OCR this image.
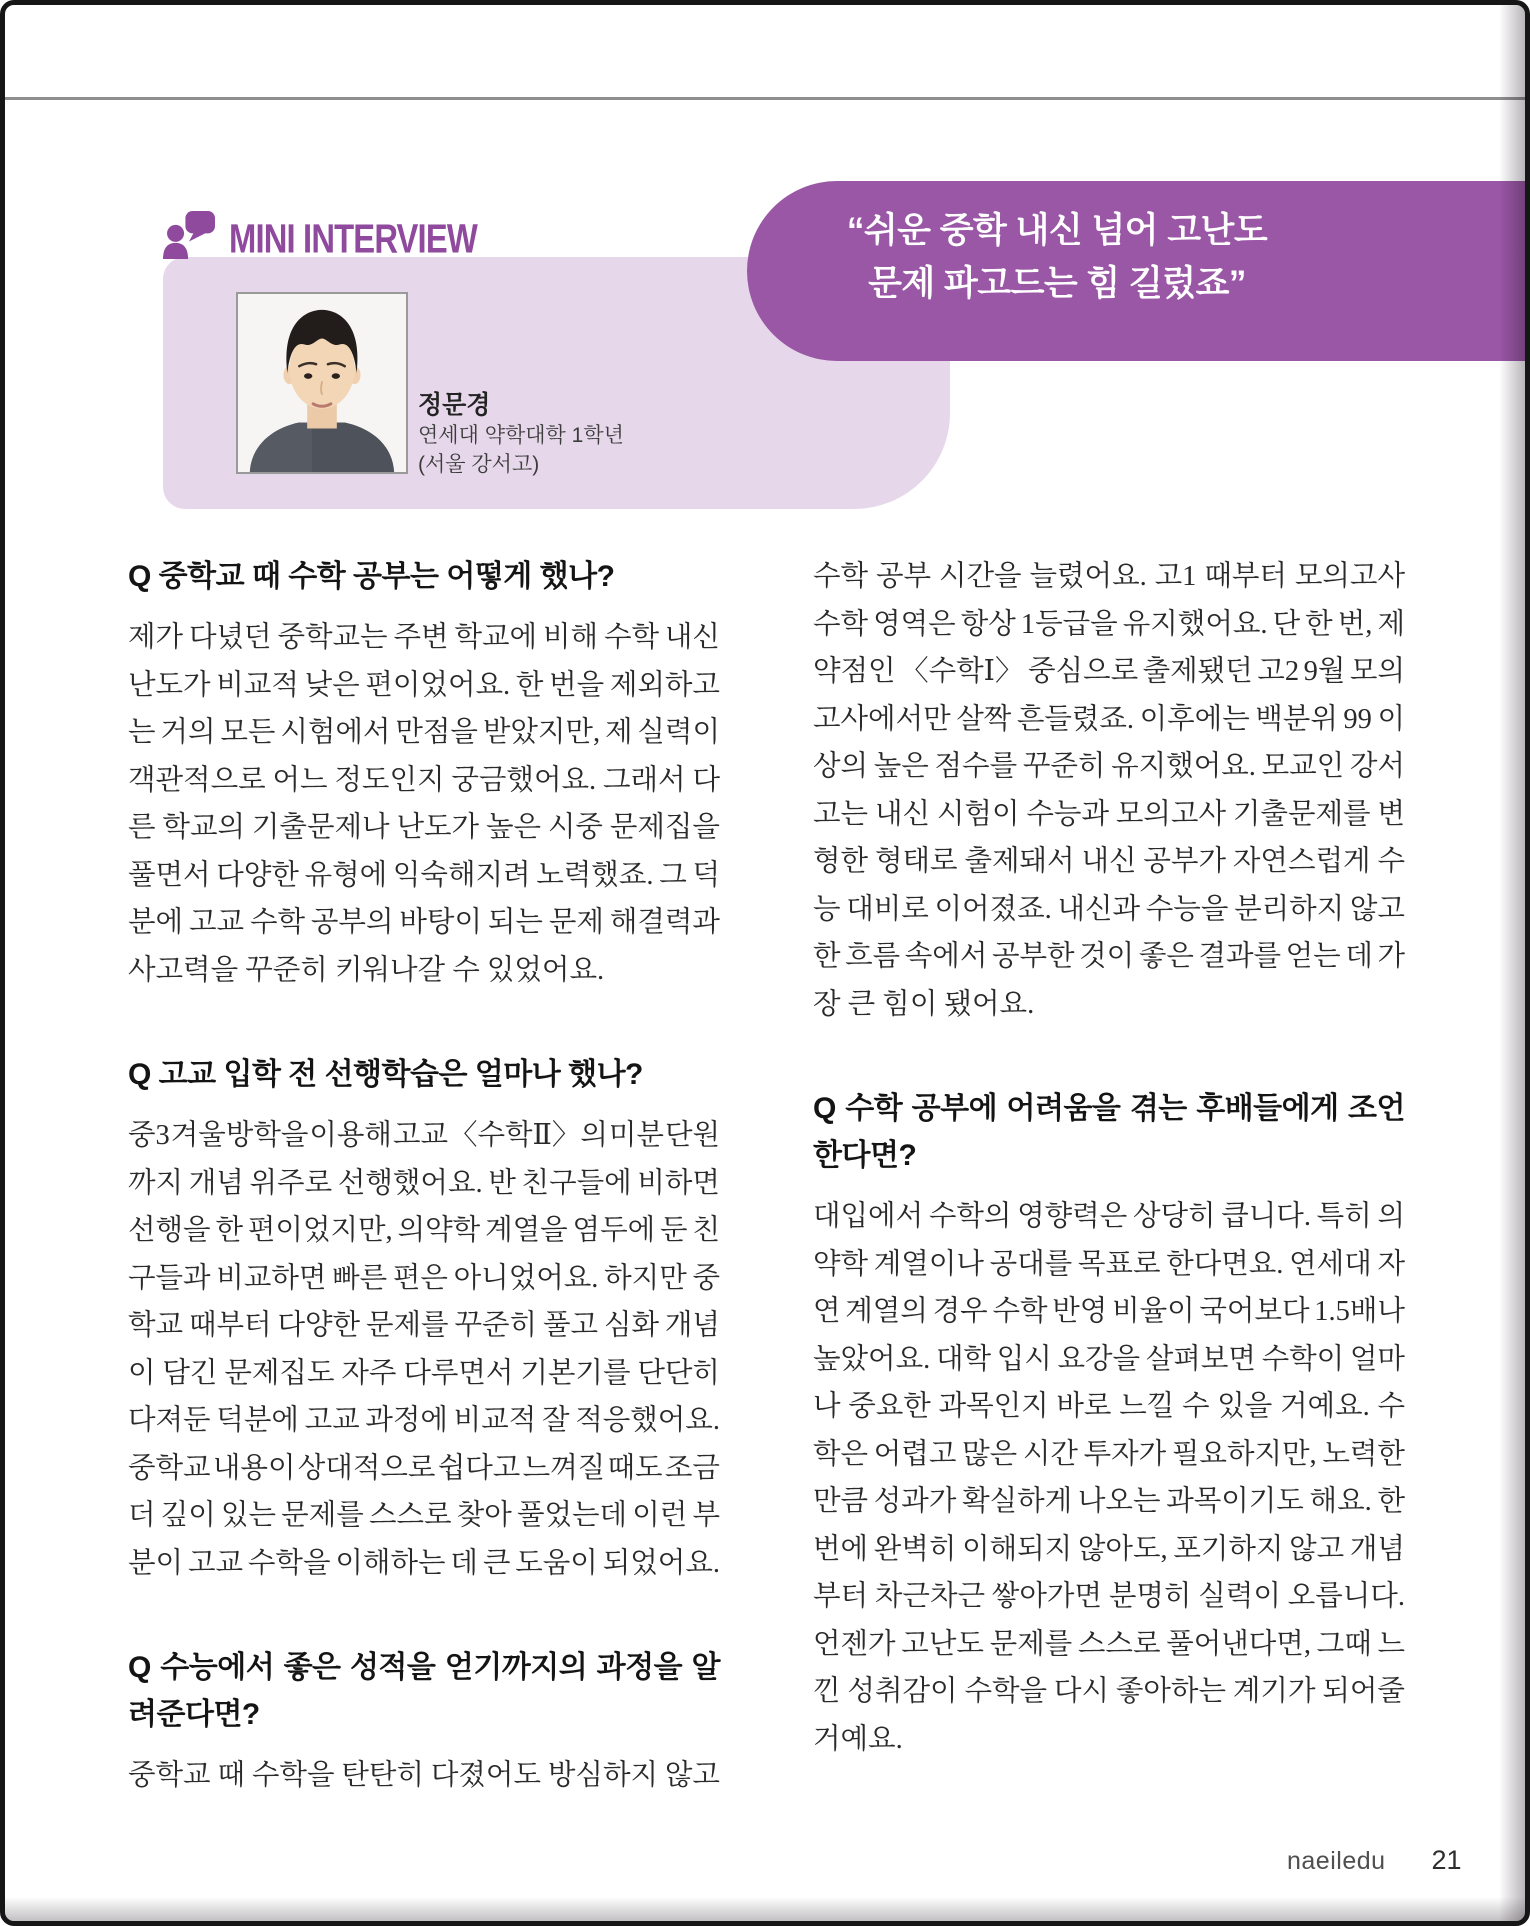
MINI INTERVIEW	“쉬운 중학 내신 넘어 고난도
문제 파고드는 힘 길렀죠”
정문경
연세대 약학대학 1학년
(서울 강서고)
Q 중학교 때 수학 공부는 어떻게 했나?
제가 다녔던 중학교는 주변 학교에 비해 수학 내신
난도가 비교적 낮은 편이었어요. 한 번을 제외하고
는 거의 모든 시험에서 만점을 받았지만, 제 실력이
객관적으로 어느 정도인지 궁금했어요. 그래서 다
른 학교의 기출문제나 난도가 높은 시중 문제집을
풀면서 다양한 유형에 익숙해지려 노력했죠. 그 덕
분에 고교 수학 공부의 바탕이 되는 문제 해결력과
사고력을 꾸준히 키워나갈 수 있었어요.
Q 고교 입학 전 선행학습은 얼마나 했나?
중3 겨울방학을 이용해 고교 〈수학Ⅱ〉의 미분 단원
까지 개념 위주로 선행했어요. 반 친구들에 비하면
선행을 한 편이었지만, 의약학 계열을 염두에 둔 친
구들과 비교하면 빠른 편은 아니었어요. 하지만 중
학교 때부터 다양한 문제를 꾸준히 풀고 심화 개념
이 담긴 문제집도 자주 다루면서 기본기를 단단히
다져둔 덕분에 고교 과정에 비교적 잘 적응했어요.
중학교 내용이 상대적으로 쉽다고 느껴질 때도 조금
더 깊이 있는 문제를 스스로 찾아 풀었는데 이런 부
분이 고교 수학을 이해하는 데 큰 도움이 되었어요.
Q 수능에서 좋은 성적을 얻기까지의 과정을 알
려준다면?
중학교 때 수학을 탄탄히 다졌어도 방심하지 않고
수학 공부 시간을 늘렸어요. 고1 때부터 모의고사
수학 영역은 항상 1등급을 유지했어요. 단 한 번, 제
약점인 〈수학Ⅰ〉 중심으로 출제됐던 고2 9월 모의
고사에서만 살짝 흔들렸죠. 이후에는 백분위 99 이
상의 높은 점수를 꾸준히 유지했어요. 모교인 강서
고는 내신 시험이 수능과 모의고사 기출문제를 변
형한 형태로 출제돼서 내신 공부가 자연스럽게 수
능 대비로 이어졌죠. 내신과 수능을 분리하지 않고
한 흐름 속에서 공부한 것이 좋은 결과를 얻는 데 가
장 큰 힘이 됐어요.
Q 수학 공부에 어려움을 겪는 후배들에게 조언
한다면?
대입에서 수학의 영향력은 상당히 큽니다. 특히 의
약학 계열이나 공대를 목표로 한다면요. 연세대 자
연 계열의 경우 수학 반영 비율이 국어보다 1.5배나
높았어요. 대학 입시 요강을 살펴보면 수학이 얼마
나 중요한 과목인지 바로 느낄 수 있을 거예요. 수
학은 어렵고 많은 시간 투자가 필요하지만, 노력한
만큼 성과가 확실하게 나오는 과목이기도 해요. 한
번에 완벽히 이해되지 않아도, 포기하지 않고 개념
부터 차근차근 쌓아가면 분명히 실력이 오릅니다.
언젠가 고난도 문제를 스스로 풀어낸다면, 그때 느
낀 성취감이 수학을 다시 좋아하는 계기가 되어줄
거예요.
naeiledu 21
